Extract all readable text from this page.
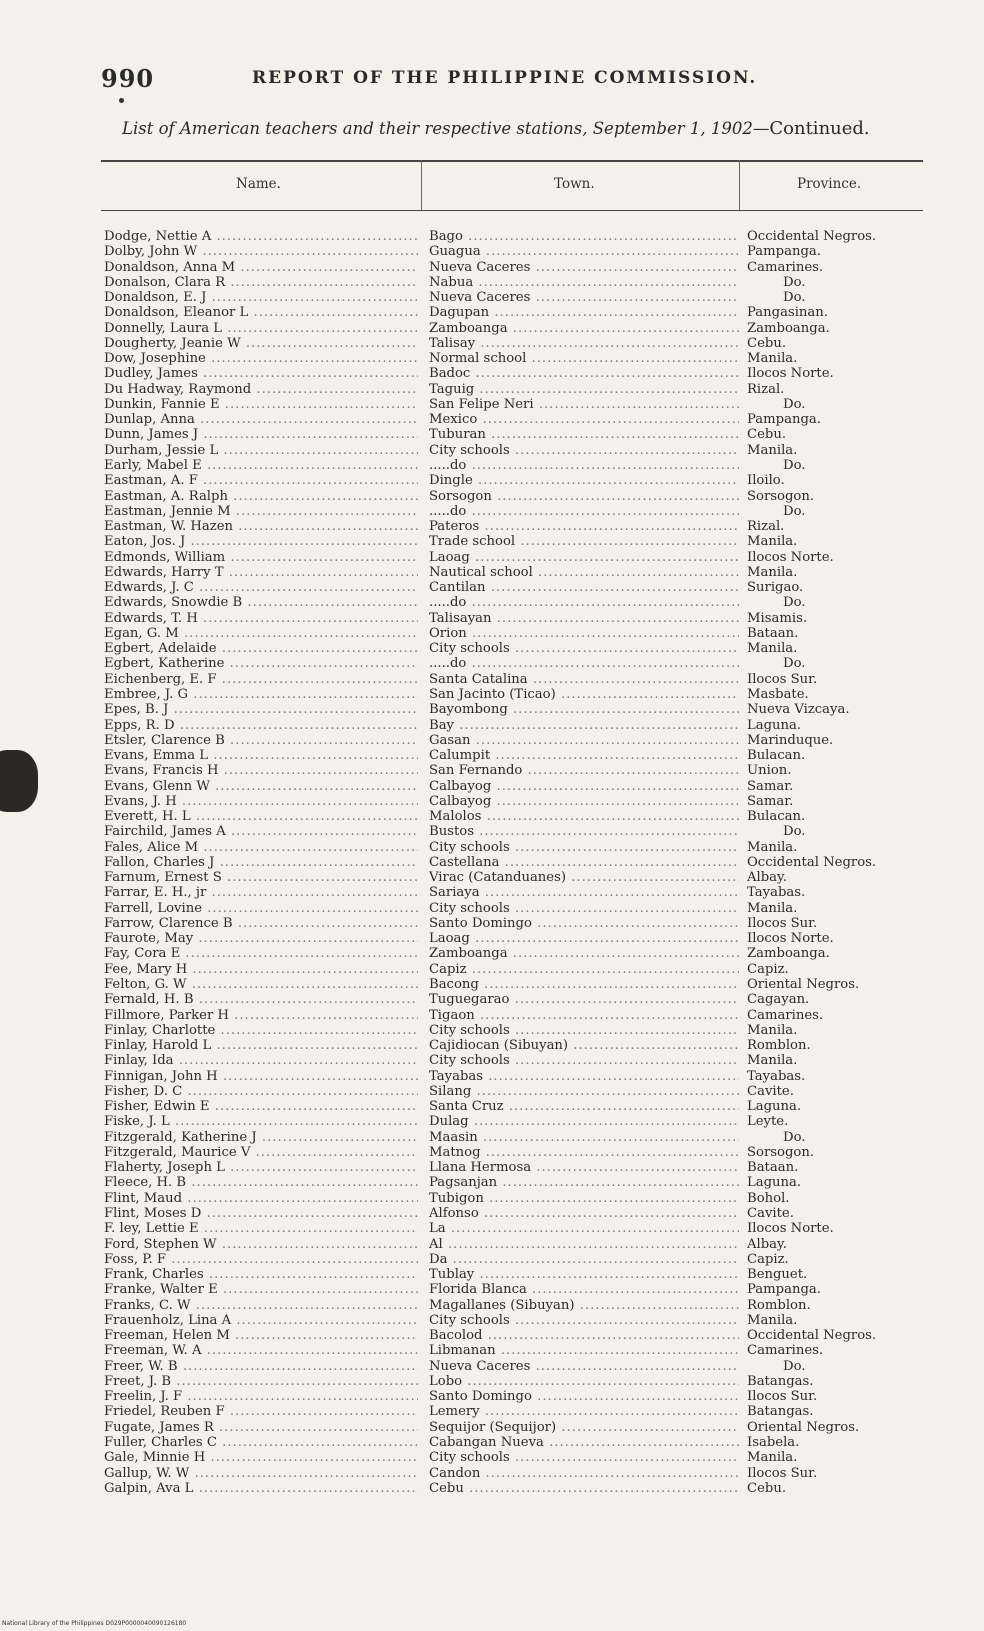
990	REPORT OF THE PHILIPPINE COMMISSION.
List of American teachers and their respective stations, September 1, 1902—Continued.
Name.	Town.	Province.
Dodge, Nettie A .....	Bago .....	Occidental Negros.
Dolby, John W .....	Guagua .....	Pampanga.
Donaldson, Anna M .....	Nueva Caceres .....	Camarines.
Donalson, Clara R .....	Nabua .....	Do.
Donaldson, E. J .....	Nueva Caceres .....	Do.
Donaldson, Eleanor L .....	Dagupan .....	Pangasinan.
Donnelly, Laura L .....	Zamboanga .....	Zamboanga.
Dougherty, Jeanie W .....	Talisay .....	Cebu.
Dow, Josephine .....	Normal school .....	Manila.
Dudley, James .....	Badoc .....	Ilocos Norte.
Du Hadway, Raymond .....	Taguig .....	Rizal.
Dunkin, Fannie E .....	San Felipe Neri .....	Do.
Dunlap, Anna .....	Mexico .....	Pampanga.
Dunn, James J .....	Tuburan .....	Cebu.
Durham, Jessie L .....	City schools .....	Manila.
Early, Mabel E .....	.....do .....	Do.
Eastman, A. F .....	Dingle .....	Iloilo.
Eastman, A. Ralph .....	Sorsogon .....	Sorsogon.
Eastman, Jennie M .....	.....do .....	Do.
Eastman, W. Hazen .....	Pateros .....	Rizal.
Eaton, Jos. J .....	Trade school .....	Manila.
Edmonds, William .....	Laoag .....	Ilocos Norte.
Edwards, Harry T .....	Nautical school .....	Manila.
Edwards, J. C .....	Cantilan .....	Surigao.
Edwards, Snowdie B .....	.....do .....	Do.
Edwards, T. H .....	Talisayan .....	Misamis.
Egan, G. M .....	Orion .....	Bataan.
Egbert, Adelaide .....	City schools .....	Manila.
Egbert, Katherine .....	.....do .....	Do.
Eichenberg, E. F .....	Santa Catalina .....	Ilocos Sur.
Embree, J. G .....	San Jacinto (Ticao) .....	Masbate.
Epes, B. J .....	Bayombong .....	Nueva Vizcaya.
Epps, R. D .....	Bay .....	Laguna.
Etsler, Clarence B .....	Gasan .....	Marinduque.
Evans, Emma L .....	Calumpit .....	Bulacan.
Evans, Francis H .....	San Fernando .....	Union.
Evans, Glenn W .....	Calbayog .....	Samar.
Evans, J. H .....	Calbayog .....	Samar.
Everett, H. L .....	Malolos .....	Bulacan.
Fairchild, James A .....	Bustos .....	Do.
Fales, Alice M .....	City schools .....	Manila.
Fallon, Charles J .....	Castellana .....	Occidental Negros.
Farnum, Ernest S .....	Virac (Catanduanes) .....	Albay.
Farrar, E. H., jr .....	Sariaya .....	Tayabas.
Farrell, Lovine .....	City schools .....	Manila.
Farrow, Clarence B .....	Santo Domingo .....	Ilocos Sur.
Faurote, May .....	Laoag .....	Ilocos Norte.
Fay, Cora E .....	Zamboanga .....	Zamboanga.
Fee, Mary H .....	Capiz .....	Capiz.
Felton, G. W .....	Bacong .....	Oriental Negros.
Fernald, H. B .....	Tuguegarao .....	Cagayan.
Fillmore, Parker H .....	Tigaon .....	Camarines.
Finlay, Charlotte .....	City schools .....	Manila.
Finlay, Harold L .....	Cajidiocan (Sibuyan) .....	Romblon.
Finlay, Ida .....	City schools .....	Manila.
Finnigan, John H .....	Tayabas .....	Tayabas.
Fisher, D. C .....	Silang .....	Cavite.
Fisher, Edwin E .....	Santa Cruz .....	Laguna.
Fiske, J. L .....	Dulag .....	Leyte.
Fitzgerald, Katherine J .....	Maasin .....	Do.
Fitzgerald, Maurice V .....	Matnog .....	Sorsogon.
Flaherty, Joseph L .....	Llana Hermosa .....	Bataan.
Fleece, H. B .....	Pagsanjan .....	Laguna.
Flint, Maud .....	Tubigon .....	Bohol.
Flint, Moses D .....	Alfonso .....	Cavite.
F. ley, Lettie E .....	La .....	Ilocos Norte.
Ford, Stephen W .....	Al .....	Albay.
Foss, P. F .....	Da .....	Capiz.
Frank, Charles .....	Tublay .....	Benguet.
Franke, Walter E .....	Florida Blanca .....	Pampanga.
Franks, C. W .....	Magallanes (Sibuyan) .....	Romblon.
Frauenholz, Lina A .....	City schools .....	Manila.
Freeman, Helen M .....	Bacolod .....	Occidental Negros.
Freeman, W. A .....	Libmanan .....	Camarines.
Freer, W. B .....	Nueva Caceres .....	Do.
Freet, J. B .....	Lobo .....	Batangas.
Freelin, J. F .....	Santo Domingo .....	Ilocos Sur.
Friedel, Reuben F .....	Lemery .....	Batangas.
Fugate, James R .....	Sequijor (Sequijor) .....	Oriental Negros.
Fuller, Charles C .....	Cabangan Nueva .....	Isabela.
Gale, Minnie H .....	City schools .....	Manila.
Gallup, W. W .....	Candon .....	Ilocos Sur.
Galpin, Ava L .....	Cebu .....	Cebu.
National Library of the Philippines D029P0000040090126180
